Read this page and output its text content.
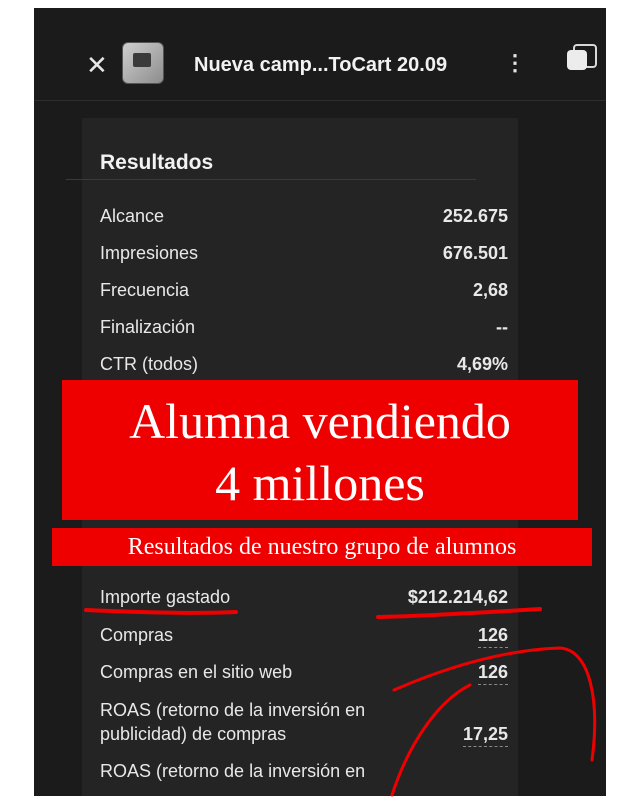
✕	Nueva camp...ToCart 20.09	⋮
Resultados
Alcance	252.675
Impresiones	676.501
Frecuencia	2,68
Finalización	--
CTR (todos)	4,69%
Importe gastado	$212.214,62
Compras	126
Compras en el sitio web	126
ROAS (retorno de la inversión en
publicidad) de compras	17,25
ROAS (retorno de la inversión en
Alumna vendiendo
4 millones
Resultados de nuestro grupo de alumnos
